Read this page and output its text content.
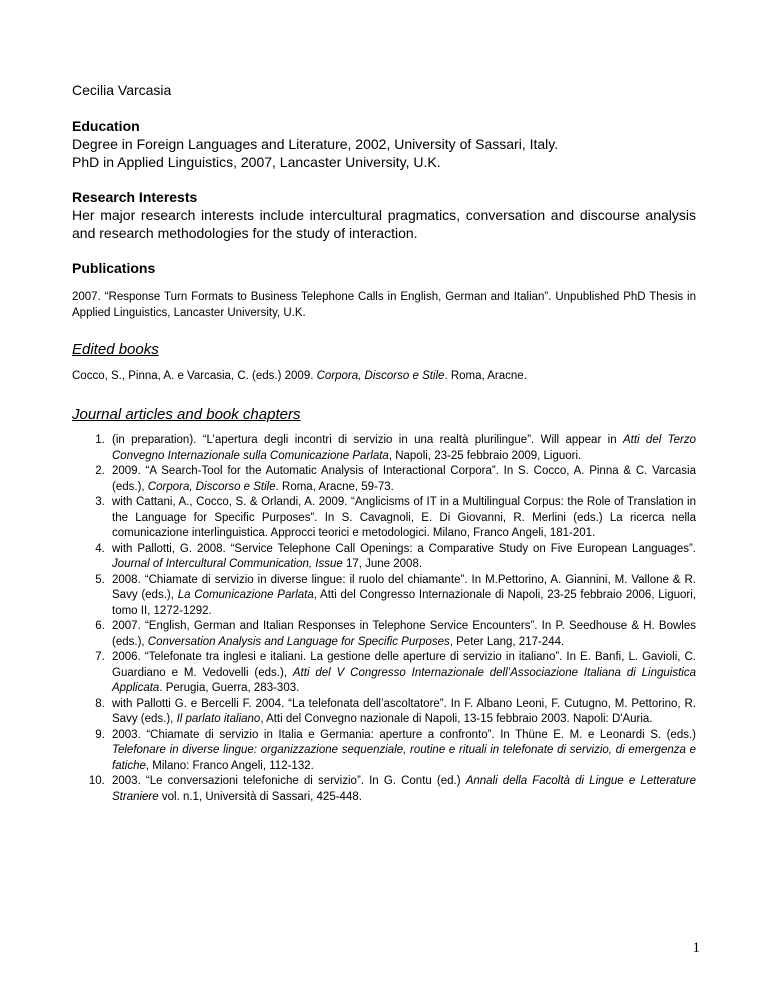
Cecilia Varcasia

Education

Degree in Foreign Languages and Literature, 2002, University of Sassari, Italy.

PhD in Applied Linguistics, 2007, Lancaster University, U.K.

Research Interests

Her major research interests include intercultural pragmatics, conversation and discourse analysis and research methodologies for the study of interaction.

Publications

2007. “Response Turn Formats to Business Telephone Calls in English, German and Italian”. Unpublished PhD Thesis in Applied Linguistics, Lancaster University, U.K.

Edited books

Cocco, S., Pinna, A. e Varcasia, C. (eds.) 2009. Corpora, Discorso e Stile. Roma, Aracne.

Journal articles and book chapters

1. (in preparation). “L’apertura degli incontri di servizio in una realtà plurilingue”. Will appear in Atti del Terzo Convegno Internazionale sulla Comunicazione Parlata, Napoli, 23-25 febbraio 2009, Liguori.
2. 2009. “A Search-Tool for the Automatic Analysis of Interactional Corpora”. In S. Cocco, A. Pinna & C. Varcasia (eds.), Corpora, Discorso e Stile. Roma, Aracne, 59-73.
3. with Cattani, A., Cocco, S. & Orlandi, A. 2009. “Anglicisms of IT in a Multilingual Corpus: the Role of Translation in the Language for Specific Purposes”. In S. Cavagnoli, E. Di Giovanni, R. Merlini (eds.) La ricerca nella comunicazione interlinguistica. Approcci teorici e metodologici. Milano, Franco Angeli, 181-201.
4. with Pallotti, G. 2008. “Service Telephone Call Openings: a Comparative Study on Five European Languages”. Journal of Intercultural Communication, Issue 17, June 2008.
5. 2008. “Chiamate di servizio in diverse lingue: il ruolo del chiamante”. In M.Pettorino, A. Giannini, M. Vallone & R. Savy (eds.), La Comunicazione Parlata, Atti del Congresso Internazionale di Napoli, 23-25 febbraio 2006, Liguori, tomo II, 1272-1292.
6. 2007. “English, German and Italian Responses in Telephone Service Encounters”. In P. Seedhouse & H. Bowles (eds.), Conversation Analysis and Language for Specific Purposes, Peter Lang, 217-244.
7. 2006. “Telefonate tra inglesi e italiani. La gestione delle aperture di servizio in italiano”. In E. Banfi, L. Gavioli, C. Guardiano e M. Vedovelli (eds.), Atti del V Congresso Internazionale dell’Associazione Italiana di Linguistica Applicata. Perugia, Guerra, 283-303.
8. with Pallotti G. e Bercelli F. 2004. “La telefonata dell’ascoltatore”. In F. Albano Leoni, F. Cutugno, M. Pettorino, R. Savy (eds.), Il parlato italiano, Atti del Convegno nazionale di Napoli, 13-15 febbraio 2003. Napoli: D'Auria.
9. 2003. “Chiamate di servizio in Italia e Germania: aperture a confronto”. In Thüne E. M. e Leonardi S. (eds.) Telefonare in diverse lingue: organizzazione sequenziale, routine e rituali in telefonate di servizio, di emergenza e fatiche, Milano: Franco Angeli, 112-132.
10. 2003. “Le conversazioni telefoniche di servizio”. In G. Contu (ed.) Annali della Facoltà di Lingue e Letterature Straniere vol. n.1, Università di Sassari, 425-448.
1
